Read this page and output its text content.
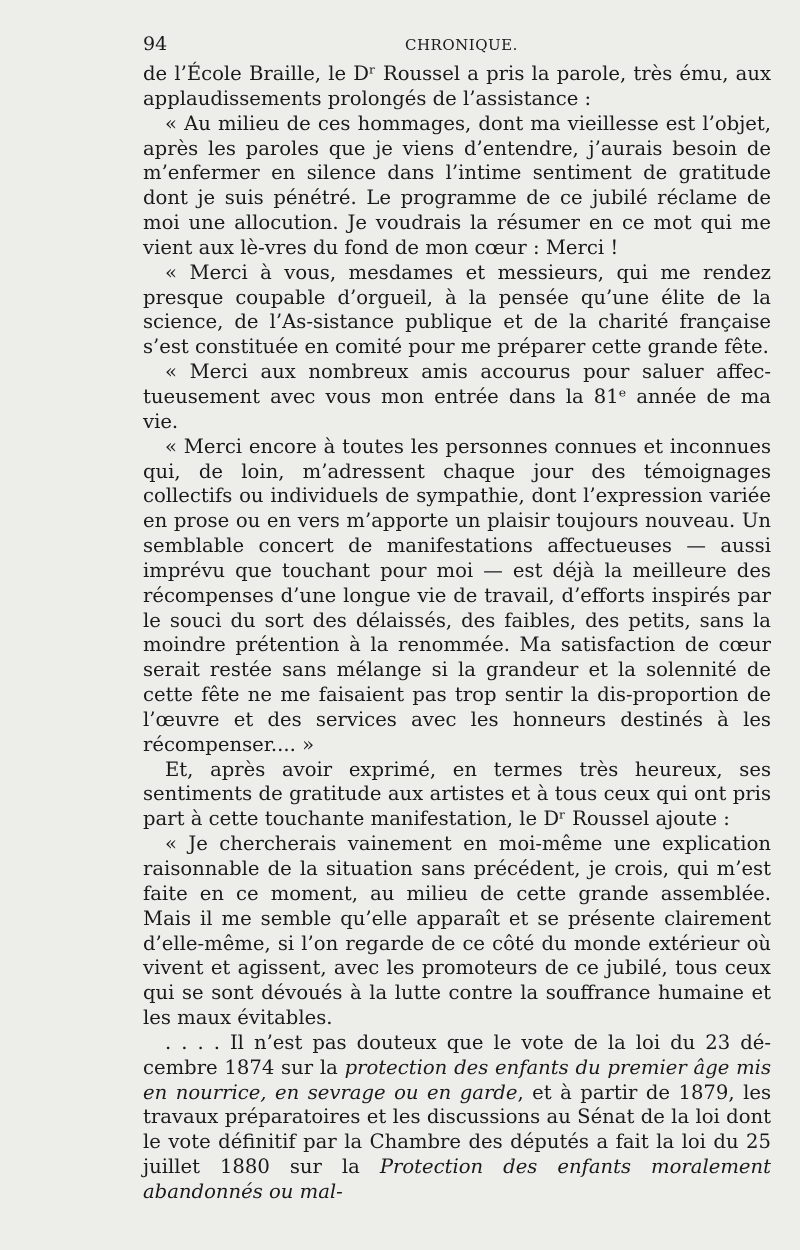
94	CHRONIQUE.

de l’École Braille, le Dʳ Roussel a pris la parole, très ému, aux applaudissements prolongés de l’assistance :

« Au milieu de ces hommages, dont ma vieillesse est l’objet, après les paroles que je viens d’entendre, j’aurais besoin de m’enfermer en silence dans l’intime sentiment de gratitude dont je suis pénétré. Le programme de ce jubilé réclame de moi une allocution. Je voudrais la résumer en ce mot qui me vient aux lè-vres du fond de mon cœur : Merci !

« Merci à vous, mesdames et messieurs, qui me rendez presque coupable d’orgueil, à la pensée qu’une élite de la science, de l’As-sistance publique et de la charité française s’est constituée en comité pour me préparer cette grande fête.

« Merci aux nombreux amis accourus pour saluer affec-tueusement avec vous mon entrée dans la 81ᵉ année de ma vie.

« Merci encore à toutes les personnes connues et inconnues qui, de loin, m’adressent chaque jour des témoignages collectifs ou individuels de sympathie, dont l’expression variée en prose ou en vers m’apporte un plaisir toujours nouveau. Un semblable concert de manifestations affectueuses — aussi imprévu que touchant pour moi — est déjà la meilleure des récompenses d’une longue vie de travail, d’efforts inspirés par le souci du sort des délaissés, des faibles, des petits, sans la moindre prétention à la renommée. Ma satisfaction de cœur serait restée sans mélange si la grandeur et la solennité de cette fête ne me faisaient pas trop sentir la dis-proportion de l’œuvre et des services avec les honneurs destinés à les récompenser.... »

Et, après avoir exprimé, en termes très heureux, ses sentiments de gratitude aux artistes et à tous ceux qui ont pris part à cette touchante manifestation, le Dʳ Roussel ajoute :

« Je chercherais vainement en moi-même une explication raisonnable de la situation sans précédent, je crois, qui m’est faite en ce moment, au milieu de cette grande assemblée. Mais il me semble qu’elle apparaît et se présente clairement d’elle-même, si l’on regarde de ce côté du monde extérieur où vivent et agissent, avec les promoteurs de ce jubilé, tous ceux qui se sont dévoués à la lutte contre la souffrance humaine et les maux évitables.

. . . . Il n’est pas douteux que le vote de la loi du 23 dé-cembre 1874 sur la protection des enfants du premier âge mis en nourrice, en sevrage ou en garde, et à partir de 1879, les travaux préparatoires et les discussions au Sénat de la loi dont le vote définitif par la Chambre des députés a fait la loi du 25 juillet 1880 sur la Protection des enfants moralement abandonnés ou mal-
